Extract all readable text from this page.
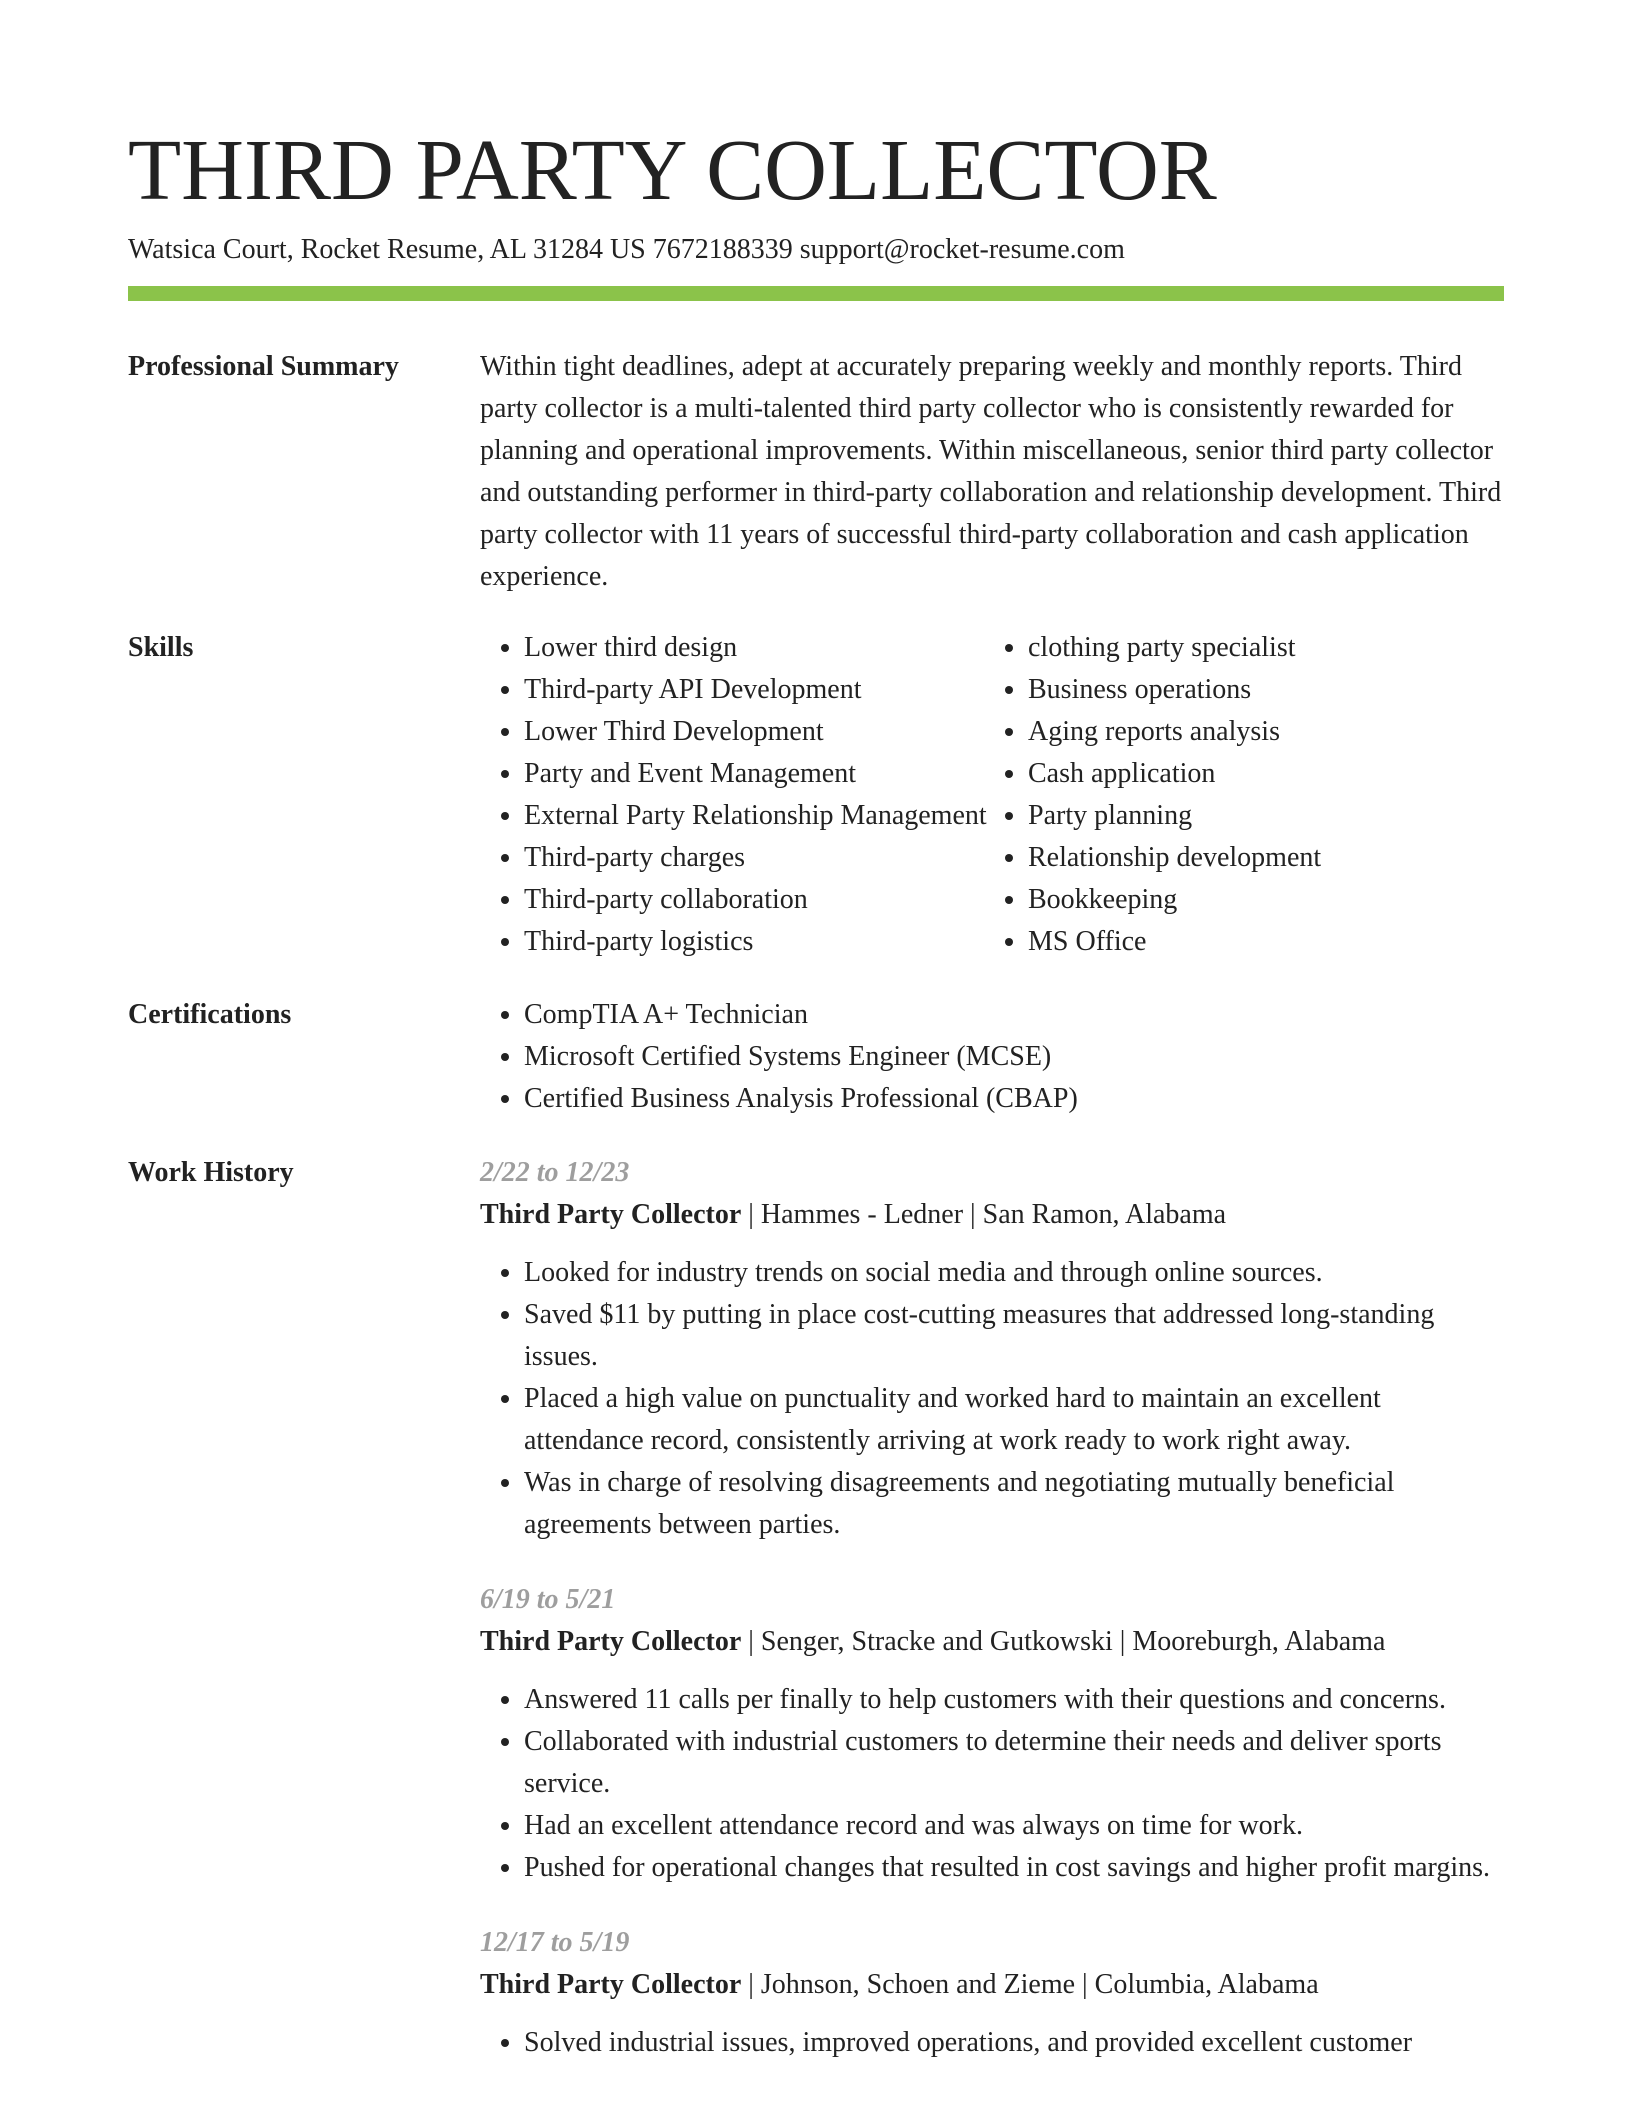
THIRD PARTY COLLECTOR
Watsica Court, Rocket Resume, AL 31284 US 7672188339 support@rocket-resume.com
Professional Summary	Within tight deadlines, adept at accurately preparing weekly and monthly reports. Third party collector is a multi-talented third party collector who is consistently rewarded for planning and operational improvements. Within miscellaneous, senior third party collector and outstanding performer in third-party collaboration and relationship development. Third party collector with 11 years of successful third-party collaboration and cash application experience.

Skills	• Lower third design
• Third-party API Development
• Lower Third Development
• Party and Event Management
• External Party Relationship Management
• Third-party charges
• Third-party collaboration
• Third-party logistics
• clothing party specialist
• Business operations
• Aging reports analysis
• Cash application
• Party planning
• Relationship development
• Bookkeeping
• MS Office
Certifications	• CompTIA A+ Technician
• Microsoft Certified Systems Engineer (MCSE)
• Certified Business Analysis Professional (CBAP)
Work History	2/22 to 12/23
Third Party Collector | Hammes - Ledner | San Ramon, Alabama
• Looked for industry trends on social media and through online sources.
• Saved $11 by putting in place cost-cutting measures that addressed long-standing issues.
• Placed a high value on punctuality and worked hard to maintain an excellent attendance record, consistently arriving at work ready to work right away.
• Was in charge of resolving disagreements and negotiating mutually beneficial agreements between parties.
6/19 to 5/21
Third Party Collector | Senger, Stracke and Gutkowski | Mooreburgh, Alabama
• Answered 11 calls per finally to help customers with their questions and concerns.
• Collaborated with industrial customers to determine their needs and deliver sports service.
• Had an excellent attendance record and was always on time for work.
• Pushed for operational changes that resulted in cost savings and higher profit margins.
12/17 to 5/19
Third Party Collector | Johnson, Schoen and Zieme | Columbia, Alabama
• Solved industrial issues, improved operations, and provided excellent customer
